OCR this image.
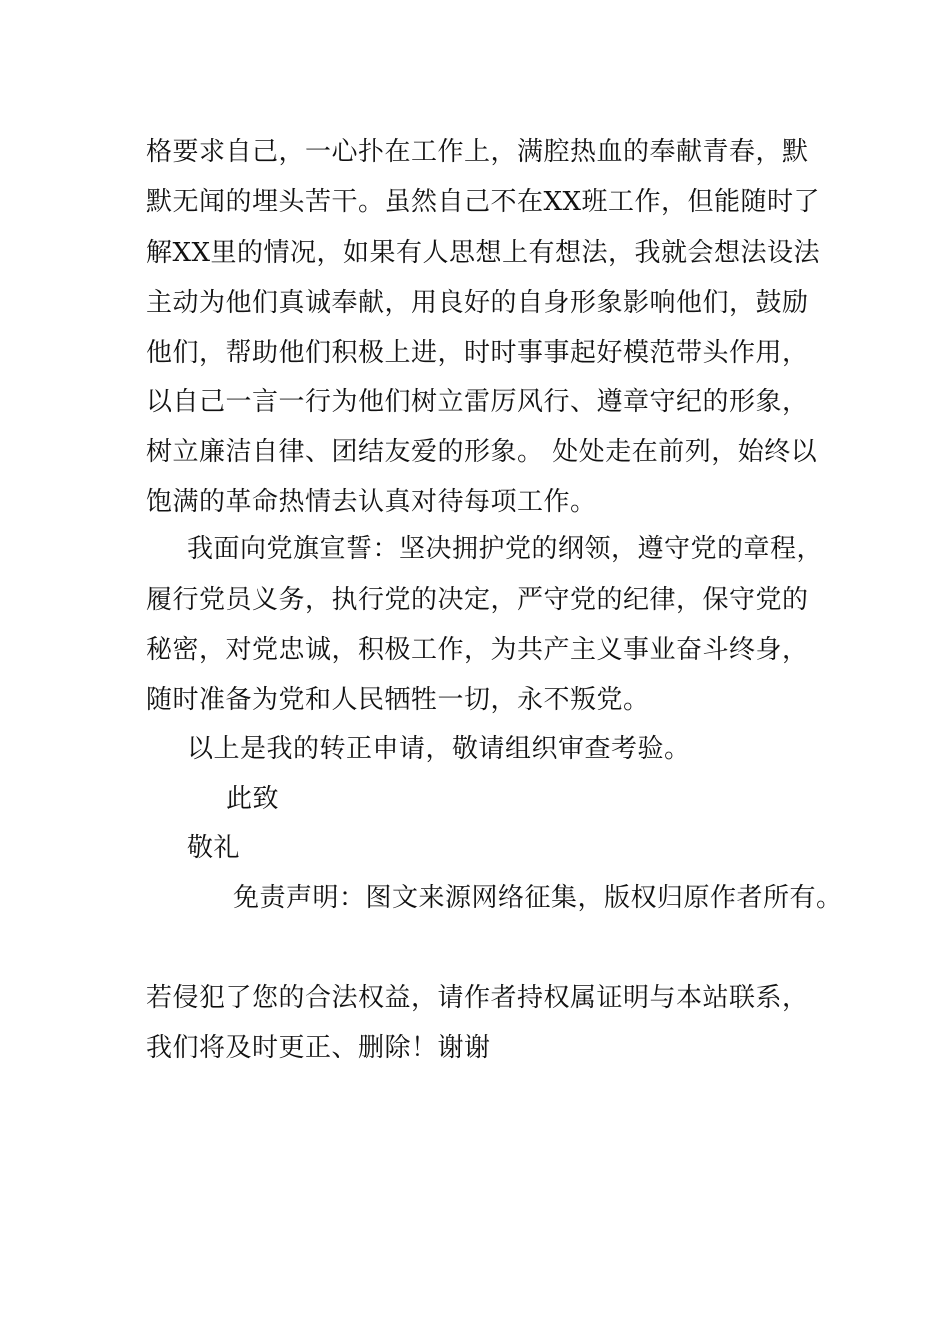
格要求自己，一心扑在工作上，满腔热血的奉献青春，默
默无闻的埋头苦干。虽然自己不在XX班工作，但能随时了
解XX里的情况，如果有人思想上有想法，我就会想法设法
主动为他们真诚奉献，用良好的自身形象影响他们，鼓励
他们，帮助他们积极上进，时时事事起好模范带头作用，
以自己一言一行为他们树立雷厉风行、遵章守纪的形象，
树立廉洁自律、团结友爱的形象。 处处走在前列，始终以
饱满的革命热情去认真对待每项工作。
我面向党旗宣誓：坚决拥护党的纲领，遵守党的章程，
履行党员义务，执行党的决定，严守党的纪律，保守党的
秘密，对党忠诚，积极工作，为共产主义事业奋斗终身，
随时准备为党和人民牺牲一切，永不叛党。
以上是我的转正申请，敬请组织审查考验。
此致
敬礼
免责声明：图文来源网络征集，版权归原作者所有。
若侵犯了您的合法权益，请作者持权属证明与本站联系，
我们将及时更正、删除！谢谢
